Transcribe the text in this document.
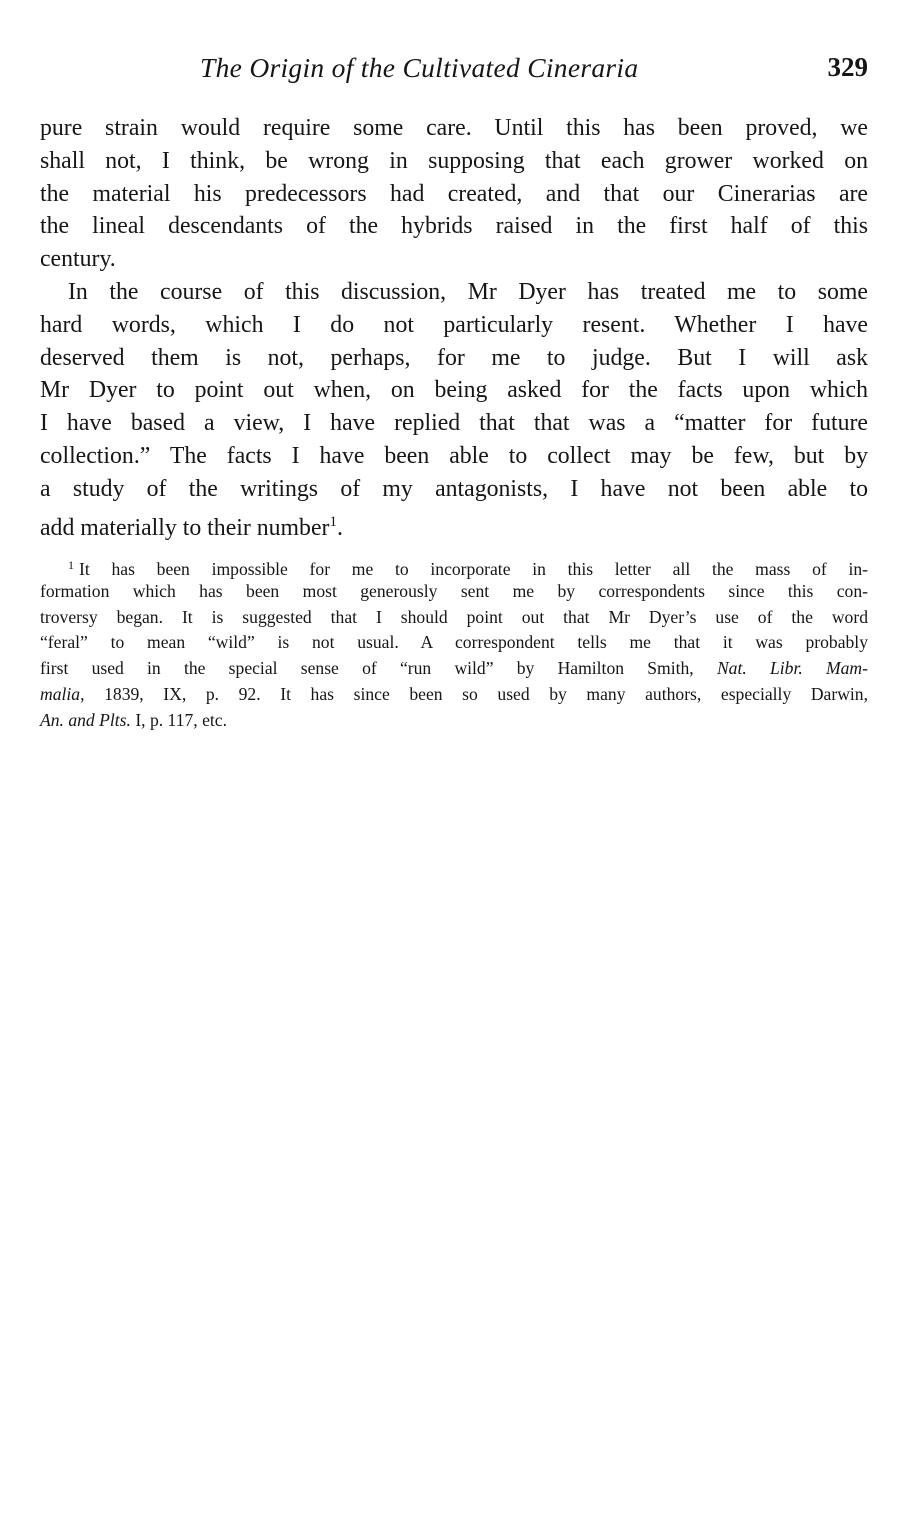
The Origin of the Cultivated Cineraria	329
pure strain would require some care. Until this has been proved, we
shall not, I think, be wrong in supposing that each grower worked on
the material his predecessors had created, and that our Cinerarias are
the lineal descendants of the hybrids raised in the first half of this
century.
In the course of this discussion, Mr Dyer has treated me to some
hard words, which I do not particularly resent. Whether I have
deserved them is not, perhaps, for me to judge. But I will ask
Mr Dyer to point out when, on being asked for the facts upon which
I have based a view, I have replied that that was a “matter for future
collection.” The facts I have been able to collect may be few, but by
a study of the writings of my antagonists, I have not been able to
add materially to their number$^1$.
$^1$ It has been impossible for me to incorporate in this letter all the mass of in-
formation which has been most generously sent me by correspondents since this con-
troversy began. It is suggested that I should point out that Mr Dyer’s use of the word
“feral” to mean “wild” is not usual. A correspondent tells me that it was probably
first used in the special sense of “run wild” by Hamilton Smith, Nat. Libr. Mam-
malia, 1839, IX, p. 92. It has since been so used by many authors, especially Darwin,
An. and Plts. I, p. 117, etc.
